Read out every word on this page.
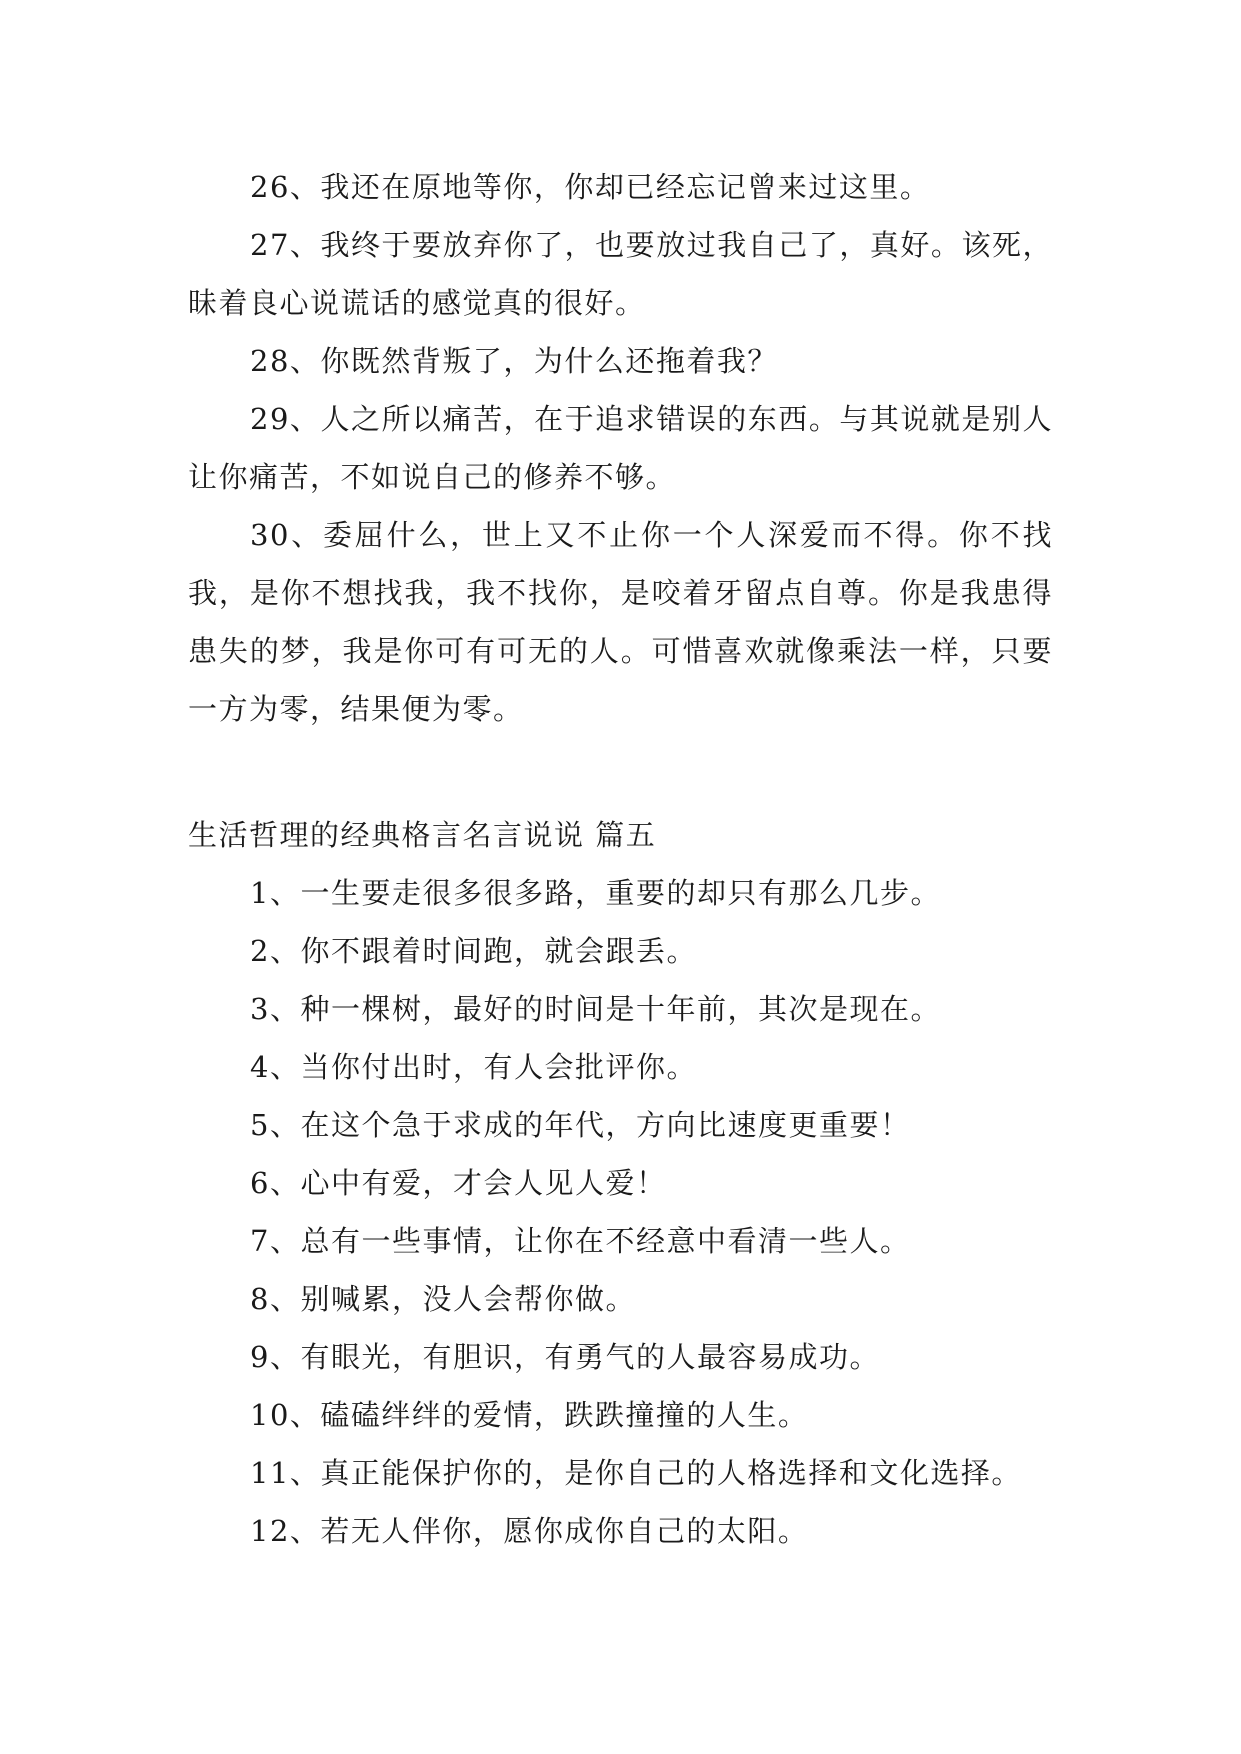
26、我还在原地等你，你却已经忘记曾来过这里。

27、我终于要放弃你了，也要放过我自己了，真好。该死，昧着良心说谎话的感觉真的很好。

28、你既然背叛了，为什么还拖着我？

29、人之所以痛苦，在于追求错误的东西。与其说就是别人让你痛苦，不如说自己的修养不够。

30、委屈什么，世上又不止你一个人深爱而不得。你不找我，是你不想找我，我不找你，是咬着牙留点自尊。你是我患得患失的梦，我是你可有可无的人。可惜喜欢就像乘法一样，只要一方为零，结果便为零。

生活哲理的经典格言名言说说 篇五
1、一生要走很多很多路，重要的却只有那么几步。
2、你不跟着时间跑，就会跟丢。
3、种一棵树，最好的时间是十年前，其次是现在。
4、当你付出时，有人会批评你。
5、在这个急于求成的年代，方向比速度更重要！
6、心中有爱，才会人见人爱！
7、总有一些事情，让你在不经意中看清一些人。
8、别喊累，没人会帮你做。
9、有眼光，有胆识，有勇气的人最容易成功。
10、磕磕绊绊的爱情，跌跌撞撞的人生。
11、真正能保护你的，是你自己的人格选择和文化选择。
12、若无人伴你，愿你成你自己的太阳。
